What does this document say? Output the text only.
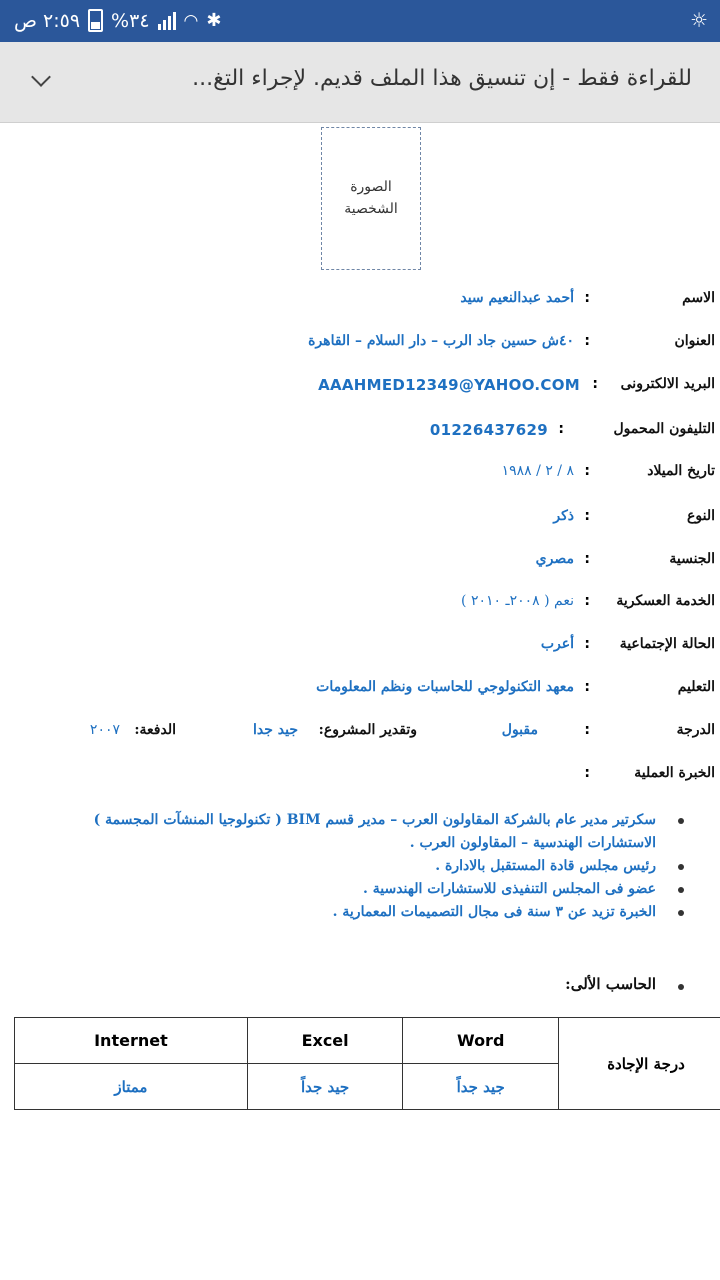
☼
٢:٥٩ ص %٣٤ ◠ ✱
للقراءة فقط - إن تنسيق هذا الملف قديم. لإجراء التغ...
الصورة
الشخصية
الاسم
:
أحمد عبدالنعيم سيد
العنوان
:
٤٠ش حسين جاد الرب – دار السلام – القاهرة
البريد الالكترونى
:
AAAHMED12349@YAHOO.COM
التليفون المحمول
:
01226437629
تاريخ الميلاد
:
٨ / ٢ / ١٩٨٨
النوع
:
ذكر
الجنسية
:
مصري
الخدمة العسكرية
:
نعم ( ٢٠٠٨ـ ٢٠١٠ )
الحالة الإجتماعية
:
أعرب
التعليم
:
معهد التكنولوجي للحاسبات ونظم المعلومات
الدرجة
:
مقبول
وتقدير المشروع:
جيد جدا
الدفعة:
٢٠٠٧
الخبرة العملية
:
سكرتير مدير عام بالشركة المقاولون العرب – مدير قسم BIM ( تكنولوجيا المنشآت المجسمة )
الاستشارات الهندسية – المقاولون العرب .
رئيس مجلس قادة المستقبل بالادارة .
عضو فى المجلس التنفيذى للاستشارات الهندسية .
الخبرة تزيد عن ٣ سنة فى مجال التصميمات المعمارية .
الحاسب الألى:
درجة الإجادة	Word	Excel	Internet
	جيد جداً	جيد جداً	ممتاز
